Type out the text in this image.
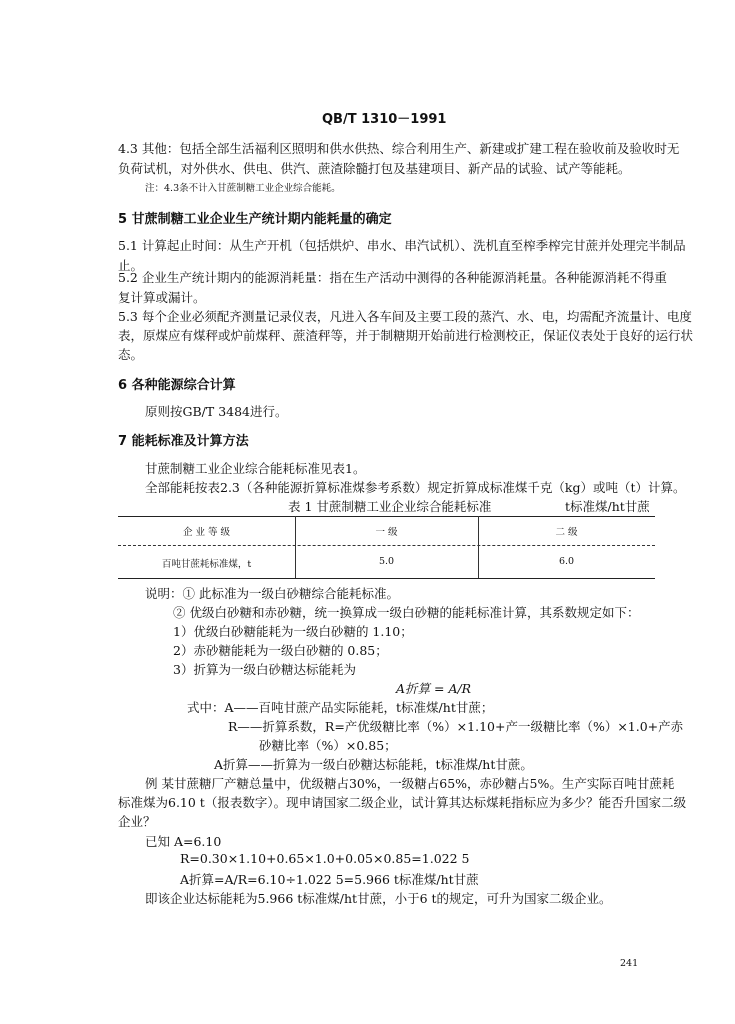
QB/T 1310－1991
4.3 其他：包括全部生活福利区照明和供水供热、综合利用生产、新建或扩建工程在验收前及验收时无
负荷试机，对外供水、供电、供汽、蔗渣除髓打包及基建项目、新产品的试验、试产等能耗。
注：4.3条不计入甘蔗制糖工业企业综合能耗。
5 甘蔗制糖工业企业生产统计期内能耗量的确定
5.1 计算起止时间：从生产开机（包括烘炉、串水、串汽试机）、洗机直至榨季榨完甘蔗并处理完半制品
止。
5.2 企业生产统计期内的能源消耗量：指在生产活动中测得的各种能源消耗量。各种能源消耗不得重
复计算或漏计。
5.3 每个企业必须配齐测量记录仪表，凡进入各车间及主要工段的蒸汽、水、电，均需配齐流量计、电度
表，原煤应有煤秤或炉前煤秤、蔗渣秤等，并于制糖期开始前进行检测校正，保证仪表处于良好的运行状
态。
6 各种能源综合计算
原则按GB/T 3484进行。
7 能耗标准及计算方法
甘蔗制糖工业企业综合能耗标准见表1。
全部能耗按表2.3（各种能源折算标准煤参考系数）规定折算成标准煤千克（kg）或吨（t）计算。
表 1 甘蔗制糖工业企业综合能耗标准	t标准煤/ht甘蔗
企 业 等 级	一 级	二 级
百吨甘蔗耗标准煤，t	5.0	6.0
说明：① 此标准为一级白砂糖综合能耗标准。
② 优级白砂糖和赤砂糖，统一换算成一级白砂糖的能耗标准计算，其系数规定如下：
1）优级白砂糖能耗为一级白砂糖的 1.10；
2）赤砂糖能耗为一级白砂糖的 0.85；
3）折算为一级白砂糖达标能耗为
A折算 = A/R
式中：A——百吨甘蔗产品实际能耗，t标准煤/ht甘蔗；
R——折算系数，R=产优级糖比率（%）×1.10+产一级糖比率（%）×1.0+产赤
砂糖比率（%）×0.85；
A折算——折算为一级白砂糖达标能耗，t标准煤/ht甘蔗。
例 某甘蔗糖厂产糖总量中，优级糖占30%，一级糖占65%，赤砂糖占5%。生产实际百吨甘蔗耗
标准煤为6.10 t（报表数字）。现申请国家二级企业，试计算其达标煤耗指标应为多少？能否升国家二级
企业？
已知 A=6.10
R=0.30×1.10+0.65×1.0+0.05×0.85=1.022 5
A折算=A/R=6.10÷1.022 5=5.966 t标准煤/ht甘蔗
即该企业达标能耗为5.966 t标准煤/ht甘蔗，小于6 t的规定，可升为国家二级企业。
241
